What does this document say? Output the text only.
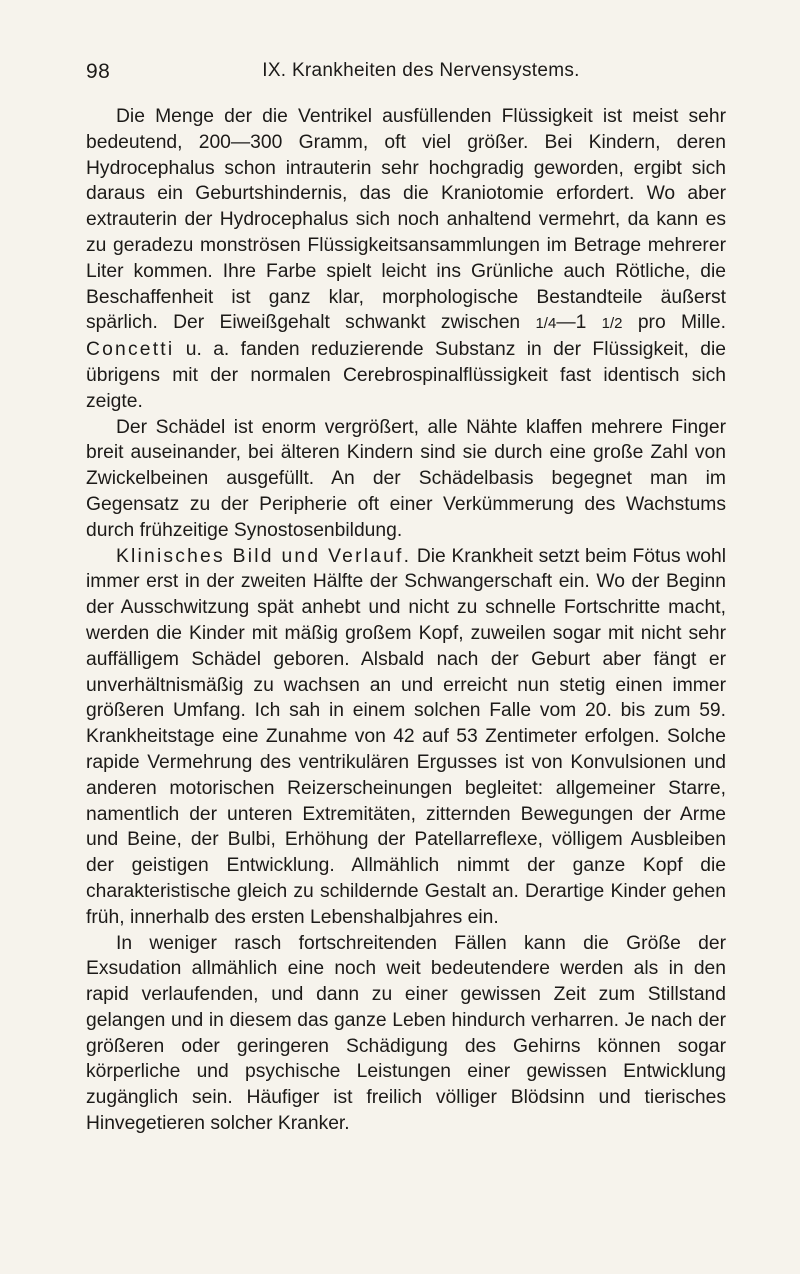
98	IX. Krankheiten des Nervensystems.

Die Menge der die Ventrikel ausfüllenden Flüssigkeit ist meist sehr bedeutend, 200—300 Gramm, oft viel größer. Bei Kindern, deren Hydrocephalus schon intrauterin sehr hochgradig geworden, ergibt sich daraus ein Geburtshindernis, das die Kraniotomie erfordert. Wo aber extrauterin der Hydrocephalus sich noch anhaltend vermehrt, da kann es zu geradezu monströsen Flüssigkeitsansammlungen im Betrage mehrerer Liter kommen. Ihre Farbe spielt leicht ins Grünliche auch Rötliche, die Beschaffenheit ist ganz klar, morphologische Bestandteile äußerst spärlich. Der Eiweißgehalt schwankt zwischen 1/4—1 1/2 pro Mille. Concetti u. a. fanden reduzierende Substanz in der Flüssigkeit, die übrigens mit der normalen Cerebrospinalflüssigkeit fast identisch sich zeigte.

Der Schädel ist enorm vergrößert, alle Nähte klaffen mehrere Finger breit auseinander, bei älteren Kindern sind sie durch eine große Zahl von Zwickelbeinen ausgefüllt. An der Schädelbasis begegnet man im Gegensatz zu der Peripherie oft einer Verkümmerung des Wachstums durch frühzeitige Synostosenbildung.

Klinisches Bild und Verlauf. Die Krankheit setzt beim Fötus wohl immer erst in der zweiten Hälfte der Schwangerschaft ein. Wo der Beginn der Ausschwitzung spät anhebt und nicht zu schnelle Fortschritte macht, werden die Kinder mit mäßig großem Kopf, zuweilen sogar mit nicht sehr auffälligem Schädel geboren. Alsbald nach der Geburt aber fängt er unverhältnismäßig zu wachsen an und erreicht nun stetig einen immer größeren Umfang. Ich sah in einem solchen Falle vom 20. bis zum 59. Krankheitstage eine Zunahme von 42 auf 53 Zentimeter erfolgen. Solche rapide Vermehrung des ventrikulären Ergusses ist von Konvulsionen und anderen motorischen Reizerscheinungen begleitet: allgemeiner Starre, namentlich der unteren Extremitäten, zitternden Bewegungen der Arme und Beine, der Bulbi, Erhöhung der Patellarreflexe, völligem Ausbleiben der geistigen Entwicklung. Allmählich nimmt der ganze Kopf die charakteristische gleich zu schildernde Gestalt an. Derartige Kinder gehen früh, innerhalb des ersten Lebenshalbjahres ein.

In weniger rasch fortschreitenden Fällen kann die Größe der Exsudation allmählich eine noch weit bedeutendere werden als in den rapid verlaufenden, und dann zu einer gewissen Zeit zum Stillstand gelangen und in diesem das ganze Leben hindurch verharren. Je nach der größeren oder geringeren Schädigung des Gehirns können sogar körperliche und psychische Leistungen einer gewissen Entwicklung zugänglich sein. Häufiger ist freilich völliger Blödsinn und tierisches Hinvegetieren solcher Kranker.
